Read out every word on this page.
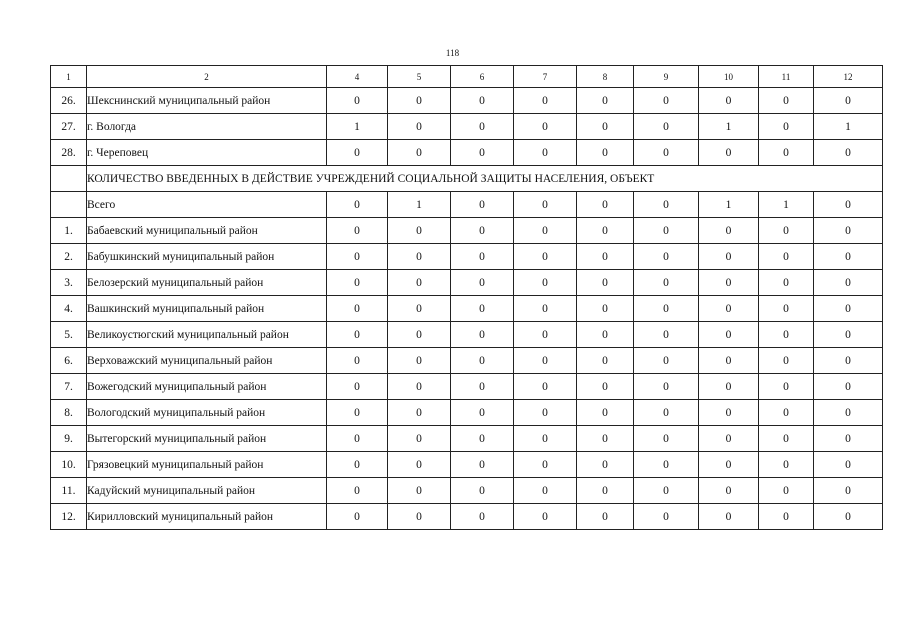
118
1	2	4	5	6	7	8	9	10	11	12
26.	Шекснинский муниципальный район	0	0	0	0	0	0	0	0	0
27.	г. Вологда	1	0	0	0	0	0	1	0	1
28.	г. Череповец	0	0	0	0	0	0	0	0	0
	КОЛИЧЕСТВО ВВЕДЕННЫХ В ДЕЙСТВИЕ УЧРЕЖДЕНИЙ СОЦИАЛЬНОЙ ЗАЩИТЫ НАСЕЛЕНИЯ, ОБЪЕКТ									
	Всего	0	1	0	0	0	0	1	1	0
1.	Бабаевский муниципальный район	0	0	0	0	0	0	0	0	0
2.	Бабушкинский муниципальный район	0	0	0	0	0	0	0	0	0
3.	Белозерский муниципальный район	0	0	0	0	0	0	0	0	0
4.	Вашкинский муниципальный район	0	0	0	0	0	0	0	0	0
5.	Великоустюгский муниципальный район	0	0	0	0	0	0	0	0	0
6.	Верховажский муниципальный район	0	0	0	0	0	0	0	0	0
7.	Вожегодский муниципальный район	0	0	0	0	0	0	0	0	0
8.	Вологодский муниципальный район	0	0	0	0	0	0	0	0	0
9.	Вытегорский муниципальный район	0	0	0	0	0	0	0	0	0
10.	Грязовецкий муниципальный район	0	0	0	0	0	0	0	0	0
11.	Кадуйский муниципальный район	0	0	0	0	0	0	0	0	0
12.	Кирилловский муниципальный район	0	0	0	0	0	0	0	0	0
